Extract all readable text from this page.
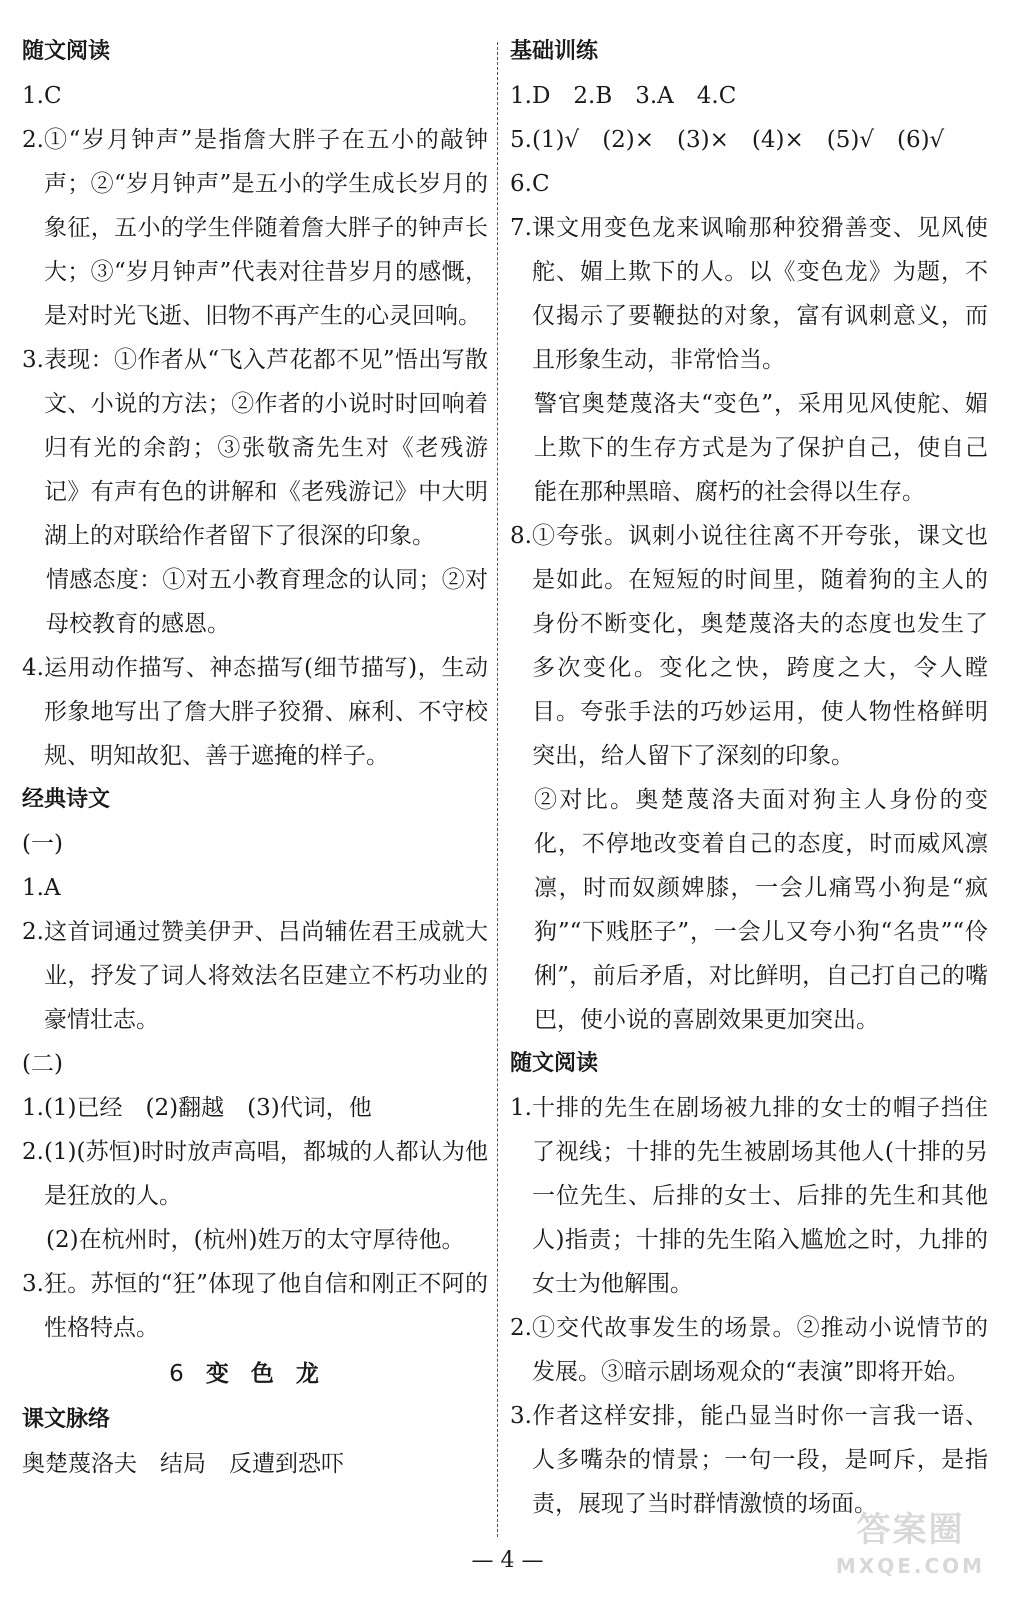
随文阅读
1. C
2. ①“岁月钟声”是指詹大胖子在五小的敲钟声；②“岁月钟声”是五小的学生成长岁月的象征，五小的学生伴随着詹大胖子的钟声长大；③“岁月钟声”代表对往昔岁月的感慨，是对时光飞逝、旧物不再产生的心灵回响。
3. 表现：①作者从“飞入芦花都不见”悟出写散文、小说的方法；②作者的小说时时回响着归有光的余韵；③张敬斋先生对《老残游记》有声有色的讲解和《老残游记》中大明湖上的对联给作者留下了很深的印象。
情感态度：①对五小教育理念的认同；②对母校教育的感恩。
4. 运用动作描写、神态描写(细节描写)，生动形象地写出了詹大胖子狡猾、麻利、不守校规、明知故犯、善于遮掩的样子。
经典诗文
(一)
1. A
2. 这首词通过赞美伊尹、吕尚辅佐君王成就大业，抒发了词人将效法名臣建立不朽功业的豪情壮志。
(二)
1. (1)已经　(2)翻越　(3)代词，他
2. (1)(苏恒)时时放声高唱，都城的人都认为他是狂放的人。
(2)在杭州时，(杭州)姓万的太守厚待他。
3. 狂。苏恒的“狂”体现了他自信和刚正不阿的性格特点。
6 变色龙
课文脉络
奥楚蔑洛夫　结局　反遭到恐吓
基础训练
1.D　2.B　3.A　4.C
5. (1)√　(2)×　(3)×　(4)×　(5)√　(6)√
6. C
7. 课文用变色龙来讽喻那种狡猾善变、见风使舵、媚上欺下的人。以《变色龙》为题，不仅揭示了要鞭挞的对象，富有讽刺意义，而且形象生动，非常恰当。
警官奥楚蔑洛夫“变色”，采用见风使舵、媚上欺下的生存方式是为了保护自己，使自己能在那种黑暗、腐朽的社会得以生存。
8. ①夸张。讽刺小说往往离不开夸张，课文也是如此。在短短的时间里，随着狗的主人的身份不断变化，奥楚蔑洛夫的态度也发生了多次变化。变化之快，跨度之大，令人瞠目。夸张手法的巧妙运用，使人物性格鲜明突出，给人留下了深刻的印象。
②对比。奥楚蔑洛夫面对狗主人身份的变化，不停地改变着自己的态度，时而威风凛凛，时而奴颜婢膝，一会儿痛骂小狗是“疯狗”“下贱胚子”，一会儿又夸小狗“名贵”“伶俐”，前后矛盾，对比鲜明，自己打自己的嘴巴，使小说的喜剧效果更加突出。
随文阅读
1. 十排的先生在剧场被九排的女士的帽子挡住了视线；十排的先生被剧场其他人(十排的另一位先生、后排的女士、后排的先生和其他人)指责；十排的先生陷入尴尬之时，九排的女士为他解围。
2. ①交代故事发生的场景。②推动小说情节的发展。③暗示剧场观众的“表演”即将开始。
3. 作者这样安排，能凸显当时你一言我一语、人多嘴杂的情景；一句一段，是呵斥，是指责，展现了当时群情激愤的场面。
— 4 —
答案圈
MXQE.COM
